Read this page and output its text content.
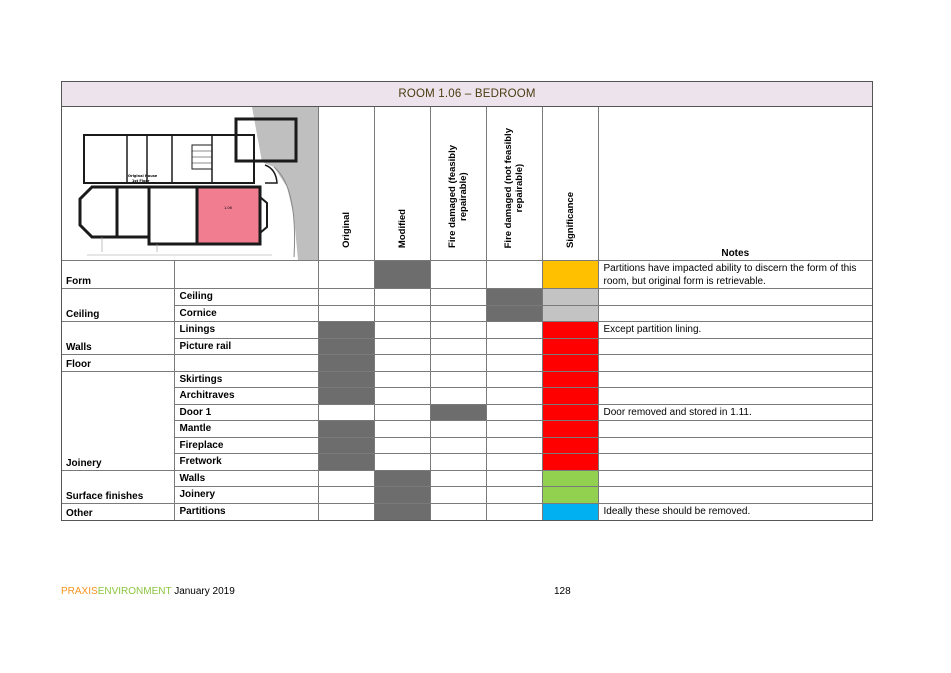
ROOM 1.06 – BEDROOM
Original House
1st Floor
1.06		Original	Modified	Fire damaged (feasibly
repairable)	Fire damaged (not feasibly
repairable)	Significance	Notes

Form							Partitions have impacted ability to discern the form of this room, but original form is retrievable.
Ceiling	Ceiling						
	Cornice						
Walls	Linings						Except partition lining.
	Picture rail						
Floor							
Joinery	Skirtings						
	Architraves						
	Door 1						Door removed and stored in 1.11.
	Mantle						
	Fireplace						
	Fretwork						
Surface finishes	Walls						
	Joinery						
Other	Partitions						Ideally these should be removed.
PRAXISENVIRONMENT January 2019	128
